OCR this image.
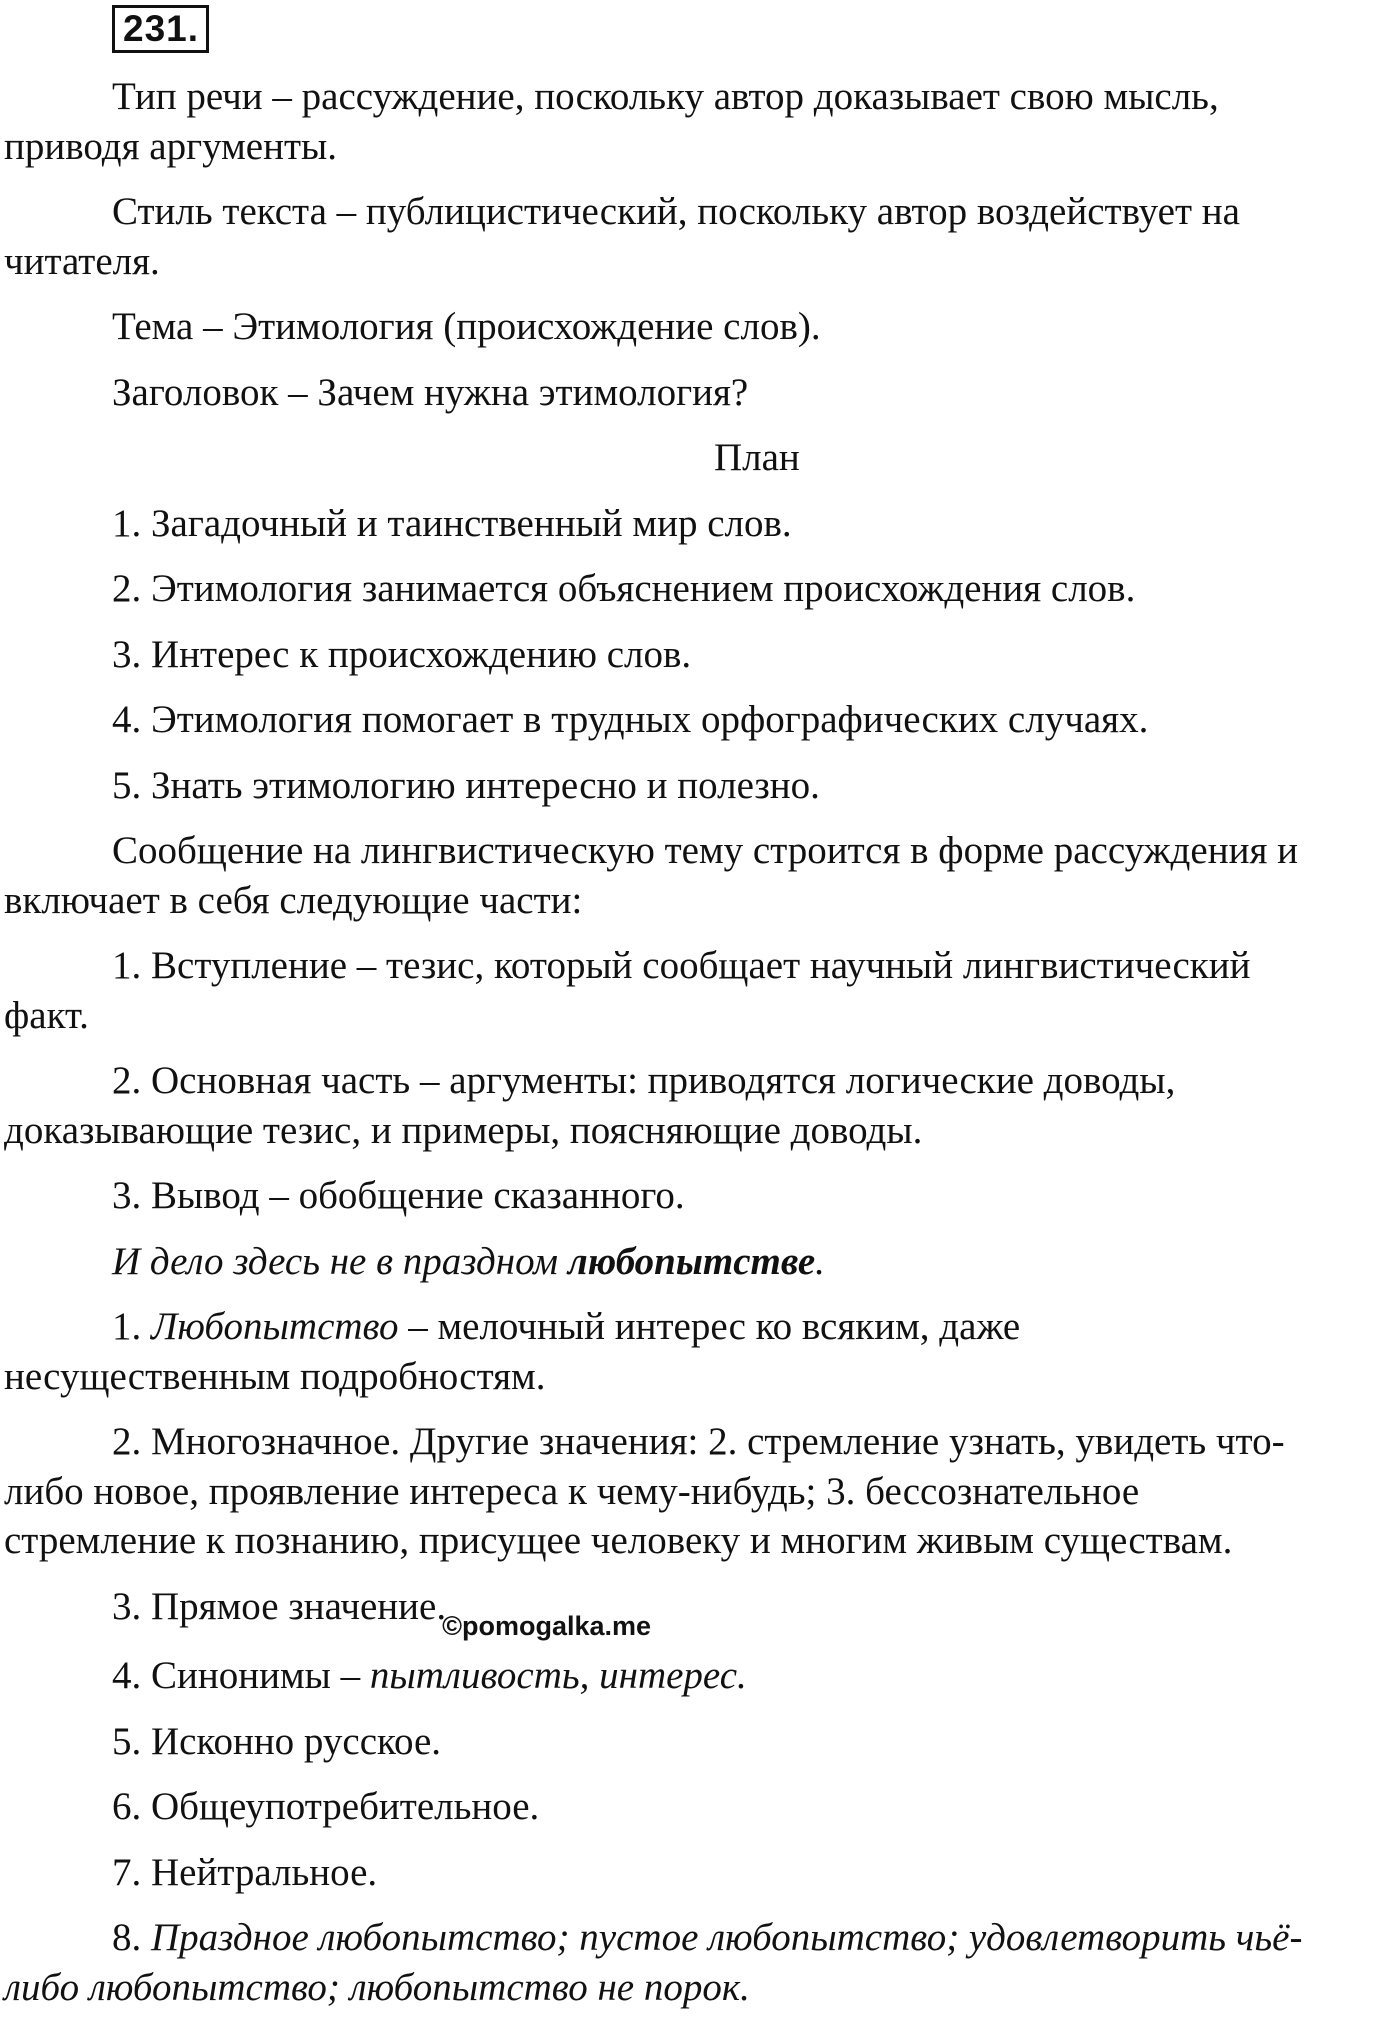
231.
Тип речи – рассуждение, поскольку автор доказывает свою мысль,
приводя аргументы.
Стиль текста – публицистический, поскольку автор воздействует на
читателя.
Тема – Этимология (происхождение слов).
Заголовок – Зачем нужна этимология?
План
1. Загадочный и таинственный мир слов.
2. Этимология занимается объяснением происхождения слов.
3. Интерес к происхождению слов.
4. Этимология помогает в трудных орфографических случаях.
5. Знать этимологию интересно и полезно.
Сообщение на лингвистическую тему строится в форме рассуждения и
включает в себя следующие части:
1. Вступление – тезис, который сообщает научный лингвистический
факт.
2. Основная часть – аргументы: приводятся логические доводы,
доказывающие тезис, и примеры, поясняющие доводы.
3. Вывод – обобщение сказанного.
И дело здесь не в праздном любопытстве.
1. Любопытство – мелочный интерес ко всяким, даже
несущественным подробностям.
2. Многозначное. Другие значения: 2. стремление узнать, увидеть что-
либо новое, проявление интереса к чему-нибудь; 3. бессознательное
стремление к познанию, присущее человеку и многим живым существам.
3. Прямое $значение._{©pomogalka.me}$
4. Синонимы – пытливость, интерес.
5. Исконно русское.
6. Общеупотребительное.
7. Нейтральное.
8. Праздное любопытство; пустое любопытство; удовлетворить чьё-
либо любопытство; любопытство не порок.
